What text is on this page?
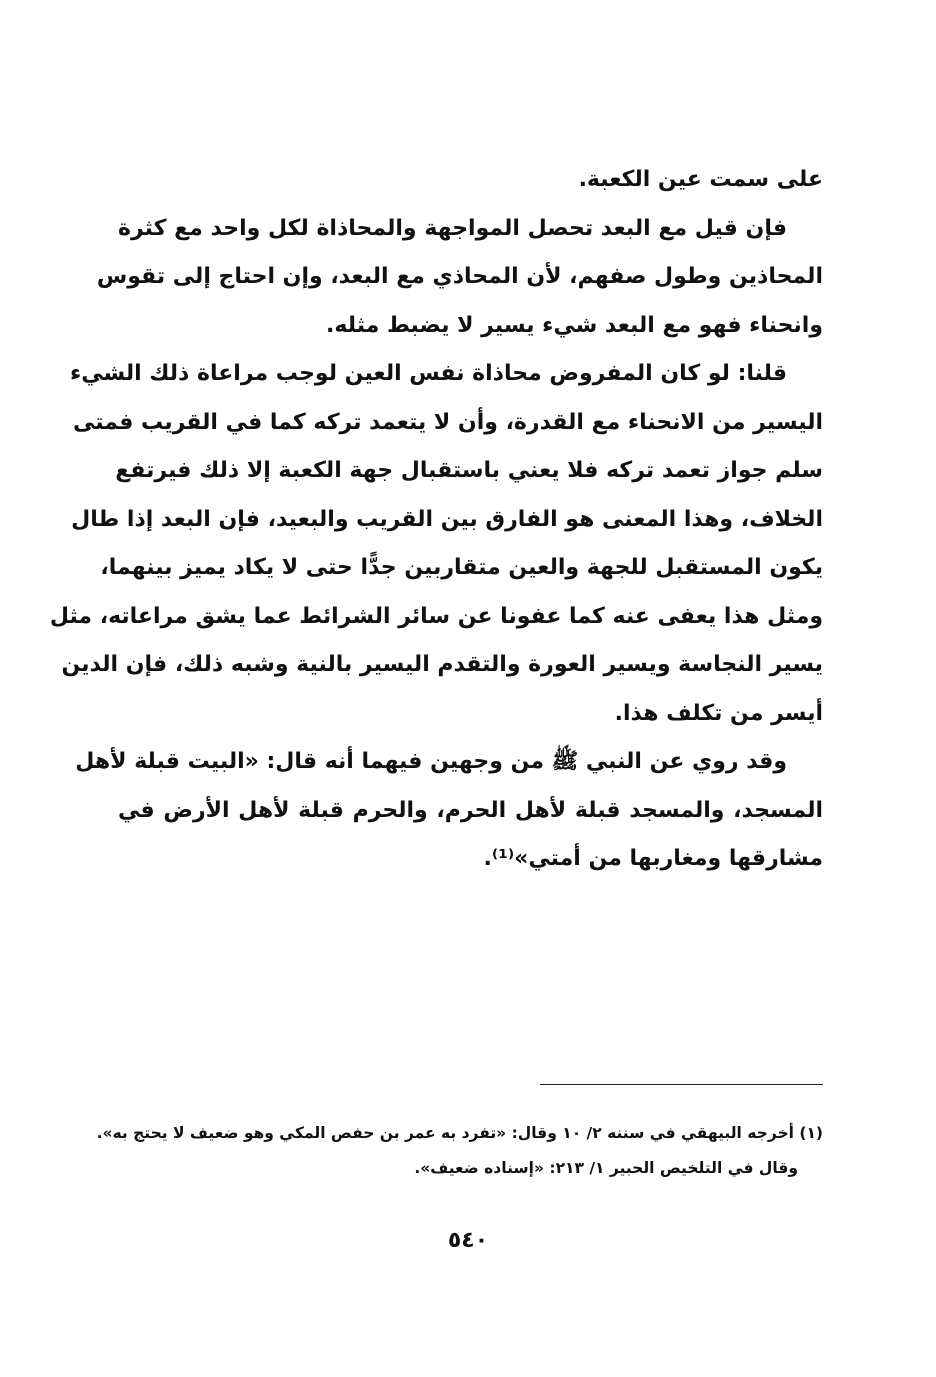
على سمت عين الكعبة.
فإن قيل مع البعد تحصل المواجهة والمحاذاة لكل واحد مع كثرة
المحاذين وطول صفهم، لأن المحاذي مع البعد، وإن احتاج إلى تقوس
وانحناء فهو مع البعد شيء يسير لا يضبط مثله.
قلنا: لو كان المفروض محاذاة نفس العين لوجب مراعاة ذلك الشيء
اليسير من الانحناء مع القدرة، وأن لا يتعمد تركه كما في القريب فمتى
سلم جواز تعمد تركه فلا يعني باستقبال جهة الكعبة إلا ذلك فيرتفع
الخلاف، وهذا المعنى هو الفارق بين القريب والبعيد، فإن البعد إذا طال
يكون المستقبل للجهة والعين متقاربين جدًّا حتى لا يكاد يميز بينهما،
ومثل هذا يعفى عنه كما عفونا عن سائر الشرائط عما يشق مراعاته، مثل
يسير النجاسة ويسير العورة والتقدم اليسير بالنية وشبه ذلك، فإن الدين
أيسر من تكلف هذا.
وقد روي عن النبي ﷺ من وجهين فيهما أنه قال: «البيت قبلة لأهل
المسجد، والمسجد قبلة لأهل الحرم، والحرم قبلة لأهل الأرض في
مشارقها ومغاربها من أمتي»⁽¹⁾.
(١) أخرجه البيهقي في سننه ٢/ ١٠ وقال: «تفرد به عمر بن حفص المكي وهو ضعيف لا يحتج به».
وقال في التلخيص الحبير ١/ ٢١٣: «إسناده ضعيف».
٥٤٠
